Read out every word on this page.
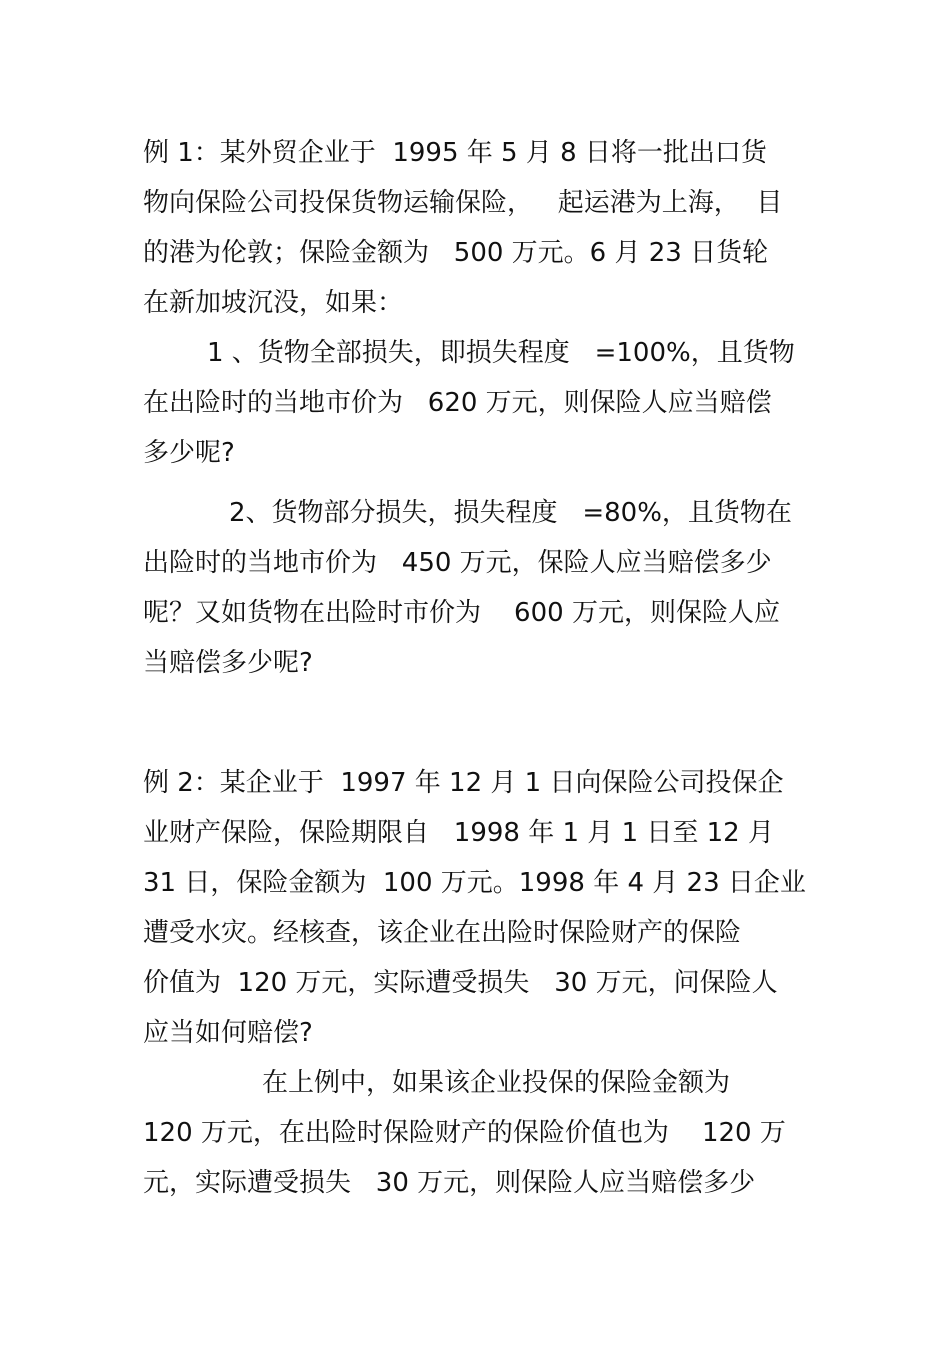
例 1：某外贸企业于  1995 年 5 月 8 日将一批出口货
物向保险公司投保货物运输保险，   起运港为上海，  目
的港为伦敦；保险金额为   500 万元。6 月 23 日货轮
在新加坡沉没，如果：
1 、货物全部损失，即损失程度   =100%，且货物
在出险时的当地市价为   620 万元，则保险人应当赔偿
多少呢?
2、货物部分损失，损失程度   =80%，且货物在
出险时的当地市价为   450 万元，保险人应当赔偿多少
呢？又如货物在出险时市价为    600 万元，则保险人应
当赔偿多少呢?
例 2：某企业于  1997 年 12 月 1 日向保险公司投保企
业财产保险，保险期限自   1998 年 1 月 1 日至 12 月
31 日，保险金额为  100 万元。1998 年 4 月 23 日企业
遭受水灾。经核查，该企业在出险时保险财产的保险
价值为  120 万元，实际遭受损失   30 万元，问保险人
应当如何赔偿?
在上例中，如果该企业投保的保险金额为
120 万元，在出险时保险财产的保险价值也为    120 万
元，实际遭受损失   30 万元，则保险人应当赔偿多少
